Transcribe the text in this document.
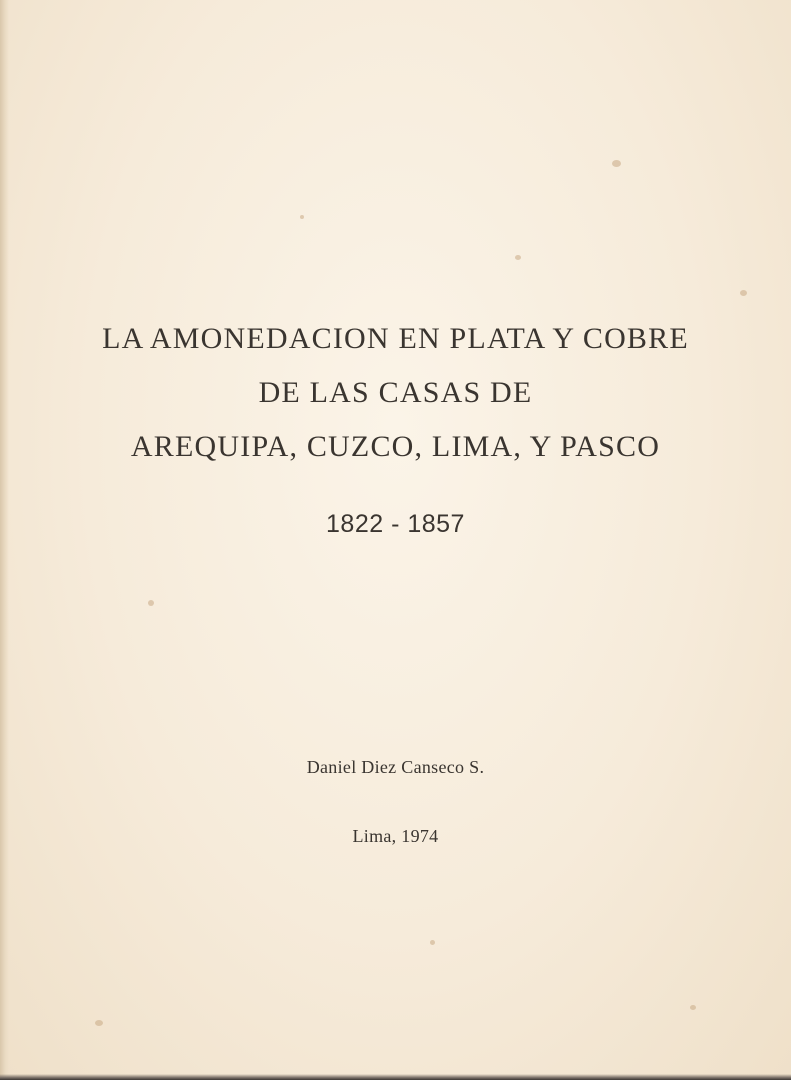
LA AMONEDACION EN PLATA Y COBRE
DE LAS CASAS DE
AREQUIPA, CUZCO, LIMA, Y PASCO
1822 - 1857
Daniel Diez Canseco S.
Lima, 1974
